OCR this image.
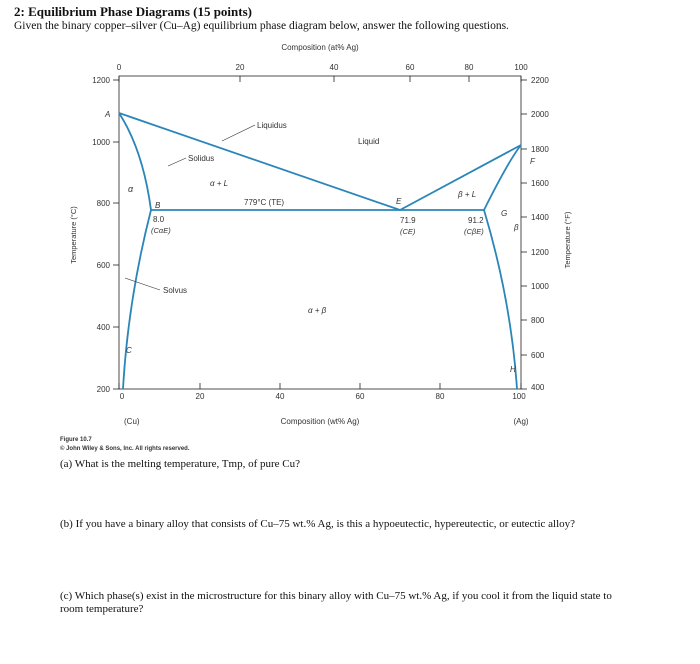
2: Equilibrium Phase Diagrams (15 points)
Given the binary copper–silver (Cu–Ag) equilibrium phase diagram below, answer the following questions.
Composition (at% Ag)
0	20	40	60	80	100
1200
1000
800
600
400
200
Temperature (°C)
2200
2000
1800
1600
1400
1200
1000
800
600
400
Temperature (°F)
0	20	40	60	80	100
Composition (wt% Ag)
(Cu)	(Ag)
Liquidus
Liquid
Solidus
Solvus
α
β
α + L
β + L
α + β
779°C (TE)
A
B
C
E
F
G
H
8.0
(CαE)
71.9
(CE)
91.2
(CβE)
Figure 10.7
© John Wiley & Sons, Inc. All rights reserved.
(a) What is the melting temperature, Tmp, of pure Cu?
(b) If you have a binary alloy that consists of Cu–75 wt.% Ag, is this a hypoeutectic, hypereutectic, or eutectic alloy?
(c) Which phase(s) exist in the microstructure for this binary alloy with Cu–75 wt.% Ag, if you cool it from the liquid state to room temperature?
